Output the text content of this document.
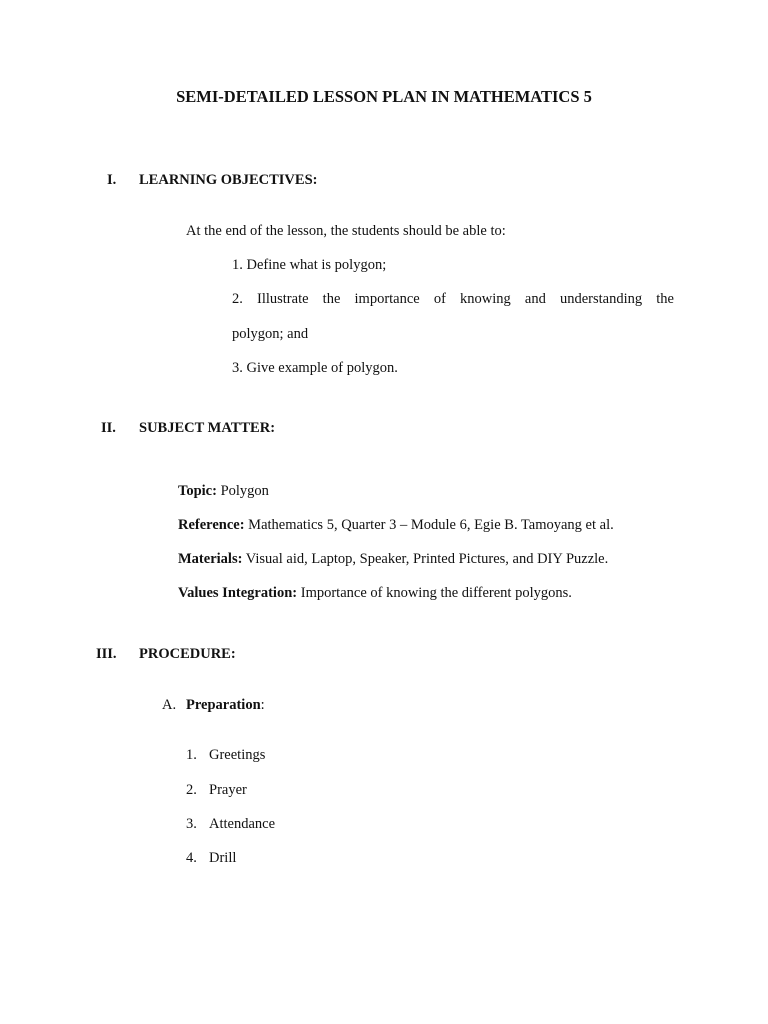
SEMI-DETAILED LESSON PLAN IN MATHEMATICS 5
I. LEARNING OBJECTIVES:
At the end of the lesson, the students should be able to:
1. Define what is polygon;
2. Illustrate the importance of knowing and understanding the
polygon; and
3. Give example of polygon.
II. SUBJECT MATTER:
Topic: Polygon
Reference: Mathematics 5, Quarter 3 – Module 6, Egie B. Tamoyang et al.
Materials: Visual aid, Laptop, Speaker, Printed Pictures, and DIY Puzzle.
Values Integration: Importance of knowing the different polygons.
III. PROCEDURE:
A. Preparation:
1. Greetings
2. Prayer
3. Attendance
4. Drill
